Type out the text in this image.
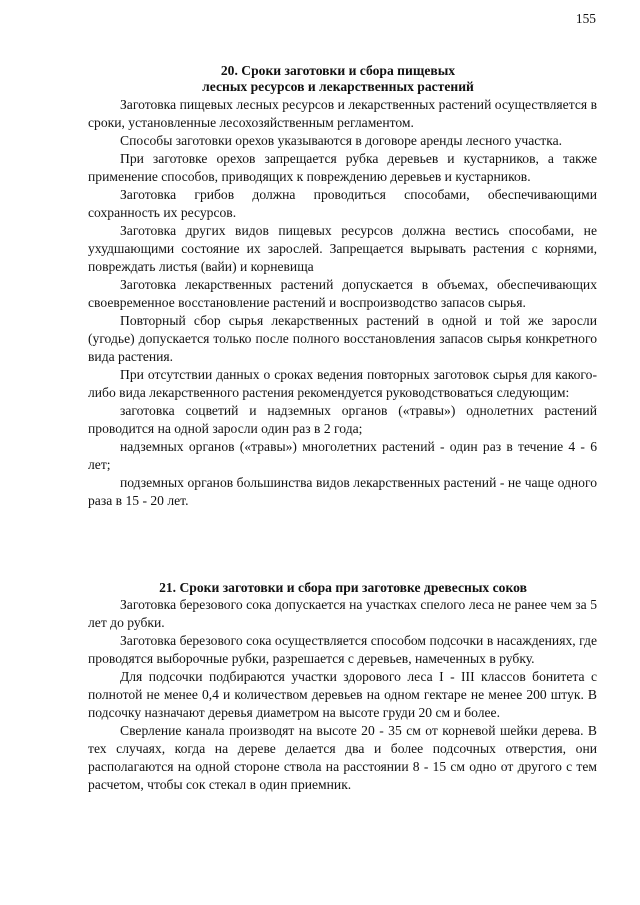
155
20. Сроки заготовки и сбора пищевых
лесных ресурсов и лекарственных растений

Заготовка пищевых лесных ресурсов и лекарственных растений осуществляется в сроки, установленные лесохозяйственным регламентом.

Способы заготовки орехов указываются в договоре аренды лесного участка.

При заготовке орехов запрещается рубка деревьев и кустарников, а также применение способов, приводящих к повреждению деревьев и кустарников.

Заготовка грибов должна проводиться способами, обеспечивающими сохранность их ресурсов.

Заготовка других видов пищевых ресурсов должна вестись способами, не ухудшающими состояние их зарослей. Запрещается вырывать растения с корнями, повреждать листья (вайи) и корневища

Заготовка лекарственных растений допускается в объемах, обеспечивающих своевременное восстановление растений и воспроизводство запасов сырья.

Повторный сбор сырья лекарственных растений в одной и той же заросли (угодье) допускается только после полного восстановления запасов сырья конкретного вида растения.

При отсутствии данных о сроках ведения повторных заготовок сырья для какого-либо вида лекарственного растения рекомендуется руководствоваться следующим:

заготовка соцветий и надземных органов («травы») однолетних растений проводится на одной заросли один раз в 2 года;

надземных органов («травы») многолетних растений - один раз в течение 4 - 6 лет;

подземных органов большинства видов лекарственных растений - не чаще одного раза в 15 - 20 лет.

21. Сроки заготовки и сбора при заготовке древесных соков

Заготовка березового сока допускается на участках спелого леса не ранее чем за 5 лет до рубки.

Заготовка березового сока осуществляется способом подсочки в насаждениях, где проводятся выборочные рубки, разрешается с деревьев, намеченных в рубку.

Для подсочки подбираются участки здорового леса I - III классов бонитета с полнотой не менее 0,4 и количеством деревьев на одном гектаре не менее 200 штук. В подсочку назначают деревья диаметром на высоте груди 20 см и более.

Сверление канала производят на высоте 20 - 35 см от корневой шейки дерева. В тех случаях, когда на дереве делается два и более подсочных отверстия, они располагаются на одной стороне ствола на расстоянии 8 - 15 см одно от другого с тем расчетом, чтобы сок стекал в один приемник.
